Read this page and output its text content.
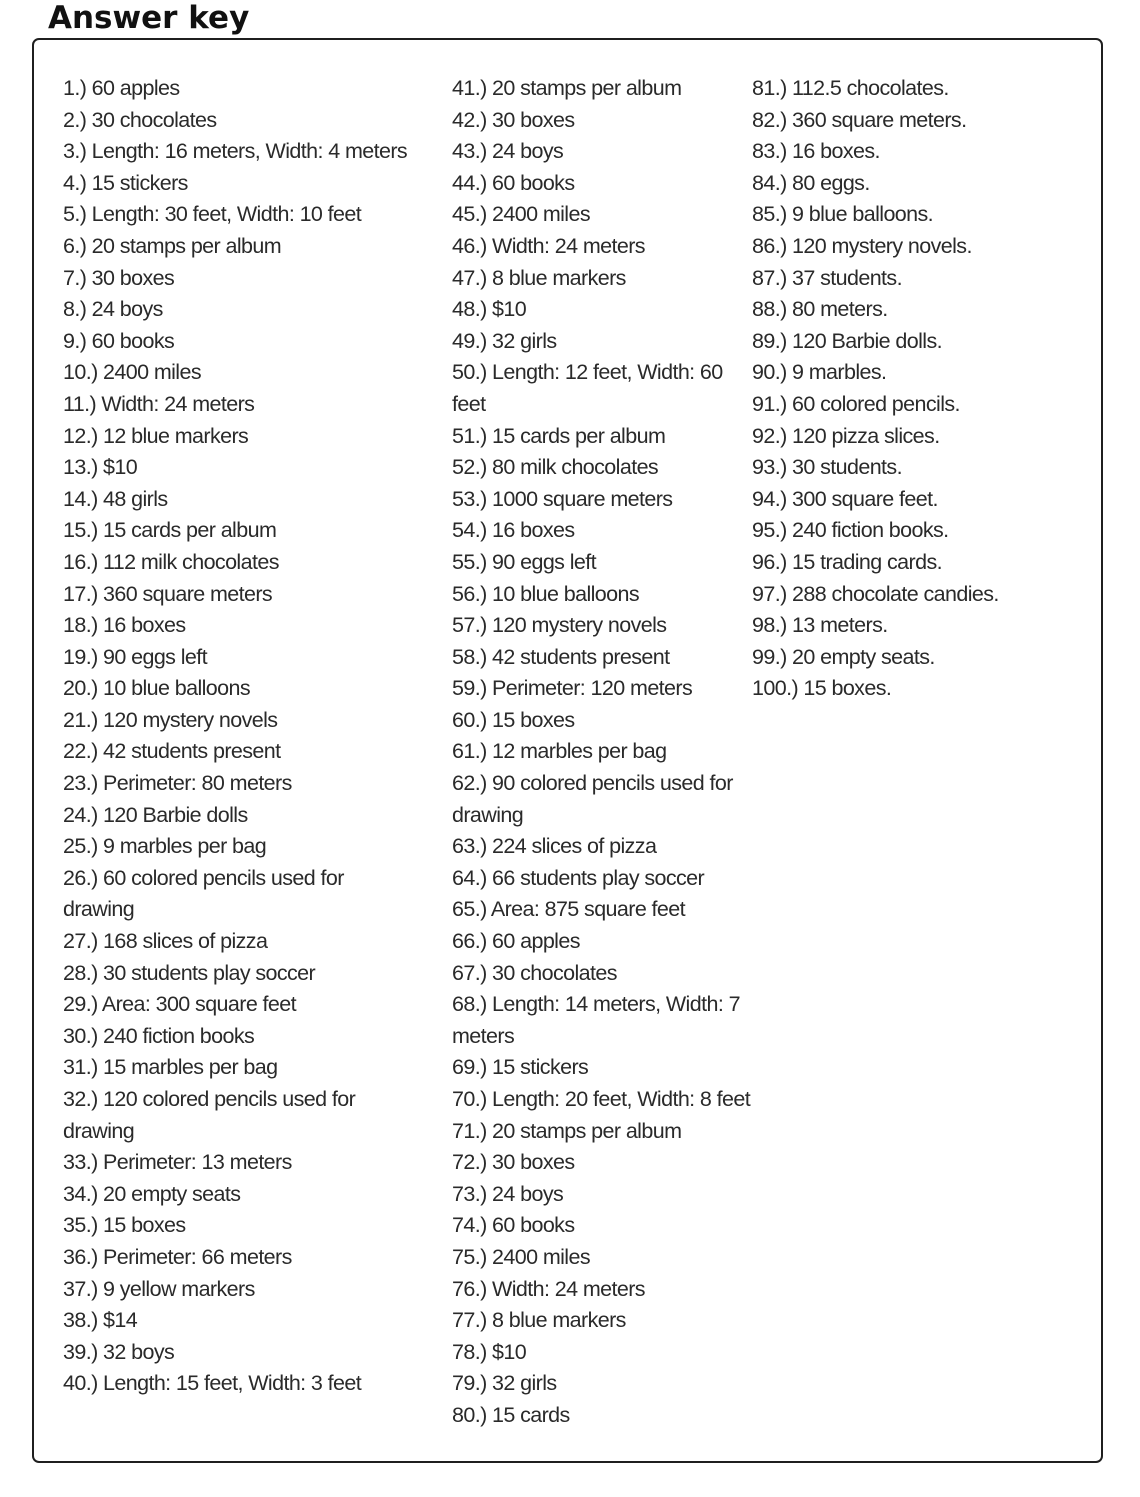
Answer key
1.) 60 apples
2.) 30 chocolates
3.) Length: 16 meters, Width: 4 meters
4.) 15 stickers
5.) Length: 30 feet, Width: 10 feet
6.) 20 stamps per album
7.) 30 boxes
8.) 24 boys
9.) 60 books
10.) 2400 miles
11.) Width: 24 meters
12.) 12 blue markers
13.) $10
14.) 48 girls
15.) 15 cards per album
16.) 112 milk chocolates
17.) 360 square meters
18.) 16 boxes
19.) 90 eggs left
20.) 10 blue balloons
21.) 120 mystery novels
22.) 42 students present
23.) Perimeter: 80 meters
24.) 120 Barbie dolls
25.) 9 marbles per bag
26.) 60 colored pencils used for
drawing
27.) 168 slices of pizza
28.) 30 students play soccer
29.) Area: 300 square feet
30.) 240 fiction books
31.) 15 marbles per bag
32.) 120 colored pencils used for
drawing
33.) Perimeter: 13 meters
34.) 20 empty seats
35.) 15 boxes
36.) Perimeter: 66 meters
37.) 9 yellow markers
38.) $14
39.) 32 boys
40.) Length: 15 feet, Width: 3 feet
41.) 20 stamps per album
42.) 30 boxes
43.) 24 boys
44.) 60 books
45.) 2400 miles
46.) Width: 24 meters
47.) 8 blue markers
48.) $10
49.) 32 girls
50.) Length: 12 feet, Width: 60
feet
51.) 15 cards per album
52.) 80 milk chocolates
53.) 1000 square meters
54.) 16 boxes
55.) 90 eggs left
56.) 10 blue balloons
57.) 120 mystery novels
58.) 42 students present
59.) Perimeter: 120 meters
60.) 15 boxes
61.) 12 marbles per bag
62.) 90 colored pencils used for
drawing
63.) 224 slices of pizza
64.) 66 students play soccer
65.) Area: 875 square feet
66.) 60 apples
67.) 30 chocolates
68.) Length: 14 meters, Width: 7
meters
69.) 15 stickers
70.) Length: 20 feet, Width: 8 feet
71.) 20 stamps per album
72.) 30 boxes
73.) 24 boys
74.) 60 books
75.) 2400 miles
76.) Width: 24 meters
77.) 8 blue markers
78.) $10
79.) 32 girls
80.) 15 cards
81.) 112.5 chocolates.
82.) 360 square meters.
83.) 16 boxes.
84.) 80 eggs.
85.) 9 blue balloons.
86.) 120 mystery novels.
87.) 37 students.
88.) 80 meters.
89.) 120 Barbie dolls.
90.) 9 marbles.
91.) 60 colored pencils.
92.) 120 pizza slices.
93.) 30 students.
94.) 300 square feet.
95.) 240 fiction books.
96.) 15 trading cards.
97.) 288 chocolate candies.
98.) 13 meters.
99.) 20 empty seats.
100.) 15 boxes.
